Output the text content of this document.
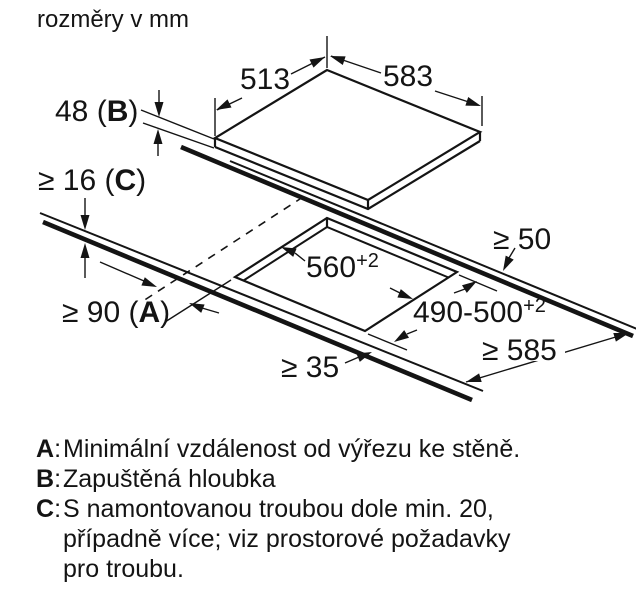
rozměry v mm
513	583
48 (B)
≥ 16 (C)
≥ 90 (A)
$560^{+2}$
$490-500^{+2}$
≥ 50
≥ 585
≥ 35
A: Minimální vzdálenost od výřezu ke stěně.
B: Zapuštěná hloubka
C: S namontovanou troubou dole min. 20,
případně více; viz prostorové požadavky
pro troubu.
